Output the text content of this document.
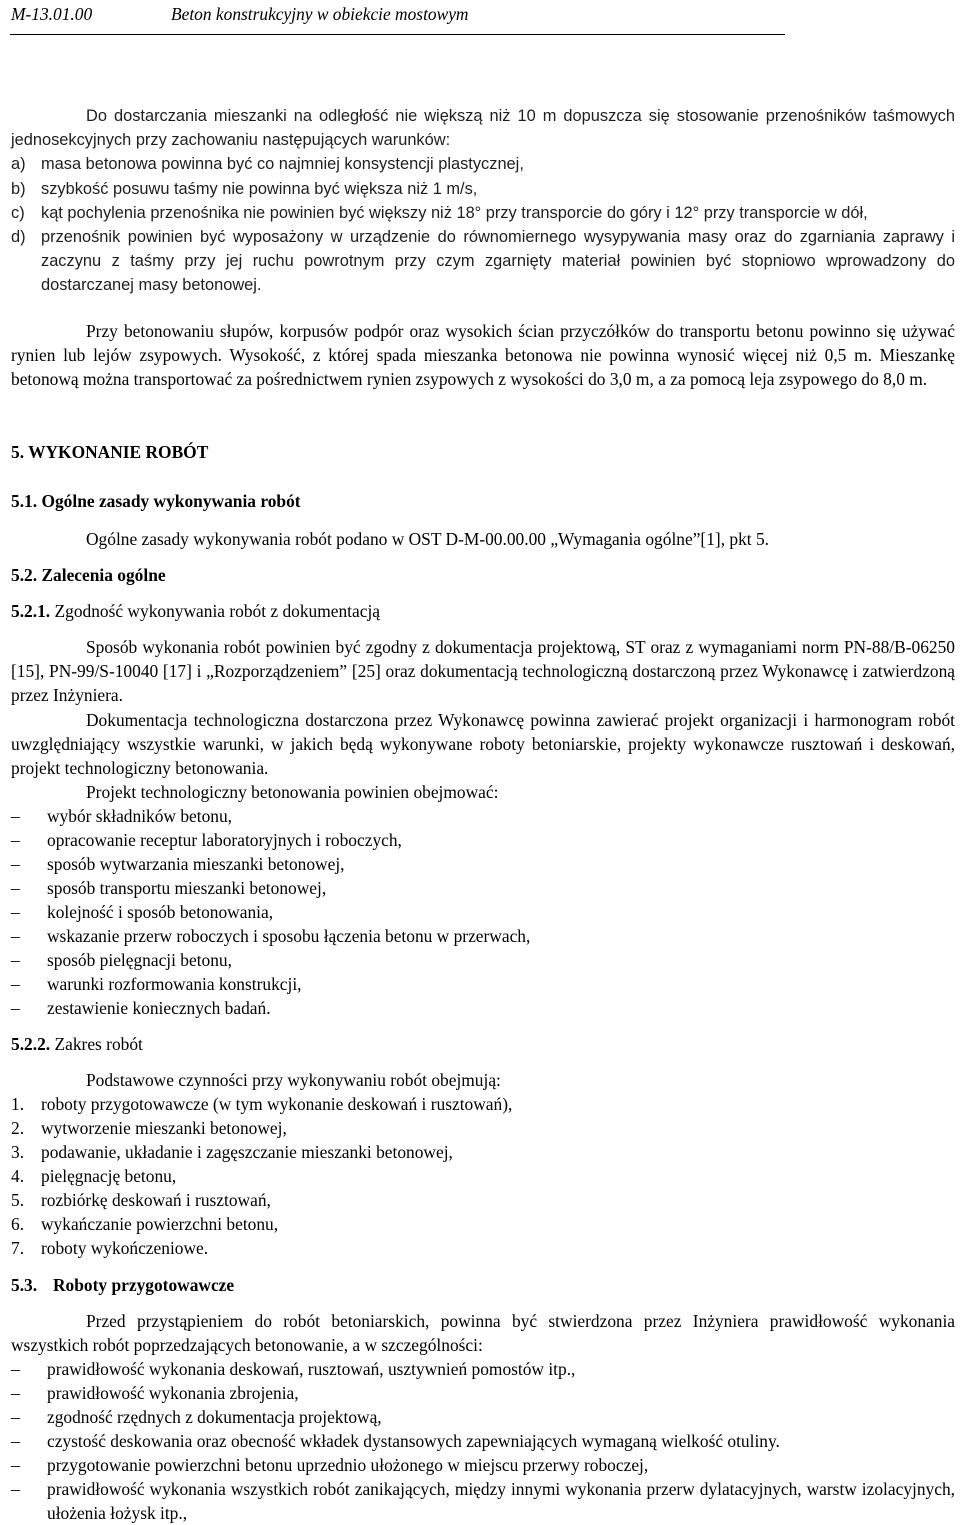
M-13.01.00	Beton konstrukcyjny w obiekcie mostowym
Do dostarczania mieszanki na odległość nie większą niż 10 m dopuszcza się stosowanie przenośników taśmowych jednosekcyjnych przy zachowaniu następujących warunków:
a) masa betonowa powinna być co najmniej konsystencji plastycznej,
b) szybkość posuwu taśmy nie powinna być większa niż 1 m/s,
c) kąt pochylenia przenośnika nie powinien być większy niż 18° przy transporcie do góry i 12° przy transporcie w dół,
d) przenośnik powinien być wyposażony w urządzenie do równomiernego wysypywania masy oraz do zgarniania zaprawy i zaczynu z taśmy przy jej ruchu powrotnym przy czym zgarnięty materiał powinien być stopniowo wprowadzony do dostarczanej masy betonowej.
Przy betonowaniu słupów, korpusów podpór oraz wysokich ścian przyczółków do transportu betonu powinno się używać rynien lub lejów zsypowych. Wysokość, z której spada mieszanka betonowa nie powinna wynosić więcej niż 0,5 m. Mieszankę betonową można transportować za pośrednictwem rynien zsypowych z wysokości do 3,0 m, a za pomocą leja zsypowego do 8,0 m.
5. WYKONANIE ROBÓT
5.1. Ogólne zasady wykonywania robót
Ogólne zasady wykonywania robót podano w OST D-M-00.00.00 „Wymagania ogólne”[1], pkt 5.
5.2. Zalecenia ogólne
5.2.1. Zgodność wykonywania robót z dokumentacją
Sposób wykonania robót powinien być zgodny z dokumentacja projektową, ST oraz z wymaganiami norm PN-88/B-06250 [15], PN-99/S-10040 [17] i „Rozporządzeniem” [25] oraz dokumentacją technologiczną dostarczoną przez Wykonawcę i zatwierdzoną przez Inżyniera.
Dokumentacja technologiczna dostarczona przez Wykonawcę powinna zawierać projekt organizacji i harmonogram robót uwzględniający wszystkie warunki, w jakich będą wykonywane roboty betoniarskie, projekty wykonawcze rusztowań i deskowań, projekt technologiczny betonowania.
Projekt technologiczny betonowania powinien obejmować:
– wybór składników betonu,
– opracowanie receptur laboratoryjnych i roboczych,
– sposób wytwarzania mieszanki betonowej,
– sposób transportu mieszanki betonowej,
– kolejność i sposób betonowania,
– wskazanie przerw roboczych i sposobu łączenia betonu w przerwach,
– sposób pielęgnacji betonu,
– warunki rozformowania konstrukcji,
– zestawienie koniecznych badań.
5.2.2. Zakres robót
Podstawowe czynności przy wykonywaniu robót obejmują:
1. roboty przygotowawcze (w tym wykonanie deskowań i rusztowań),
2. wytworzenie mieszanki betonowej,
3. podawanie, układanie i zagęszczanie mieszanki betonowej,
4. pielęgnację betonu,
5. rozbiórkę deskowań i rusztowań,
6. wykańczanie powierzchni betonu,
7. roboty wykończeniowe.
5.3. Roboty przygotowawcze
Przed przystąpieniem do robót betoniarskich, powinna być stwierdzona przez Inżyniera prawidłowość wykonania wszystkich robót poprzedzających betonowanie, a w szczególności:
– prawidłowość wykonania deskowań, rusztowań, usztywnień pomostów itp.,
– prawidłowość wykonania zbrojenia,
– zgodność rzędnych z dokumentacja projektową,
– czystość deskowania oraz obecność wkładek dystansowych zapewniających wymaganą wielkość otuliny.
– przygotowanie powierzchni betonu uprzednio ułożonego w miejscu przerwy roboczej,
– prawidłowość wykonania wszystkich robót zanikających, między innymi wykonania przerw dylatacyjnych, warstw izolacyjnych, ułożenia łożysk itp.,
